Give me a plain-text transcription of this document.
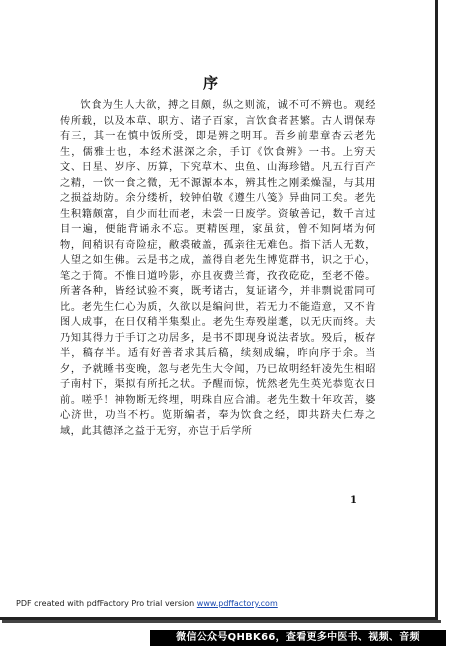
序

饮食为生人大欲，搏之目颇，纵之则流，诚不可不辨也。观经传所载，以及本草、职方、诸子百家，言饮食者甚繁。古人谓保寿有三，其一在慎中饭所受，即是辨之明耳。吾乡前辈章杏云老先生，儒雅士也，本经术湛深之余，手订《饮食辨》一书。上穷天文、日星、岁序、历算，下究草木、虫鱼、山海珍错。凡五行百产之精，一饮一食之微，无不源源本本，辨其性之刚柔燥湿，与其用之损益劫防。余分缕析，较钟伯敬《遵生八笺》异曲同工矣。老先生积籍颇富，自少而壮而老，未尝一日废学。资敏善记，数千言过目一遍，便能背诵永不忘。更精医理，家虽贫，曾不知阿堵为何物，间稍识有奇险症，敝裘破盖，孤亲往无难色。指下活人无数，人望之如生佛。云是书之成，盖得自老先生博览群书，识之于心，笔之于简。不惟日道吟影，亦且夜费兰膏，孜孜矻矻，至老不倦。所著各种，皆经试验不爽，既考诸古，复证诸今，并非剽说雷同可比。老先生仁心为质，久欲以是编问世，若无力不能造意，又不肯图人成事，在日仅稍半集梨止。老先生寿殁崖耄，以无庆而终。夫乃知其得力于手订之功居多，是书不即现身说法者欤。殁后，板存半，稿存半。适有好善者求其后稿，续刻成编，昨向序于余。当夕，予就睡书变晚，忽与老先生大令闻，乃已故明经轩凌先生相昭子南村下，渠拟有所托之状。予醒而惊，恍然老先生英光恭览衣日前。嗟乎！神物断无终埋，明珠自应合浦。老先生数十年攻苦，婆心济世，功当不朽。览斯编者，奉为饮食之经，即共跻夫仁寿之域，此其德泽之益于无穷，亦岂于后学所

1
PDF created with pdfFactory Pro trial version www.pdffactory.com
微信公众号QHBK66，查看更多中医书、视频、音频
